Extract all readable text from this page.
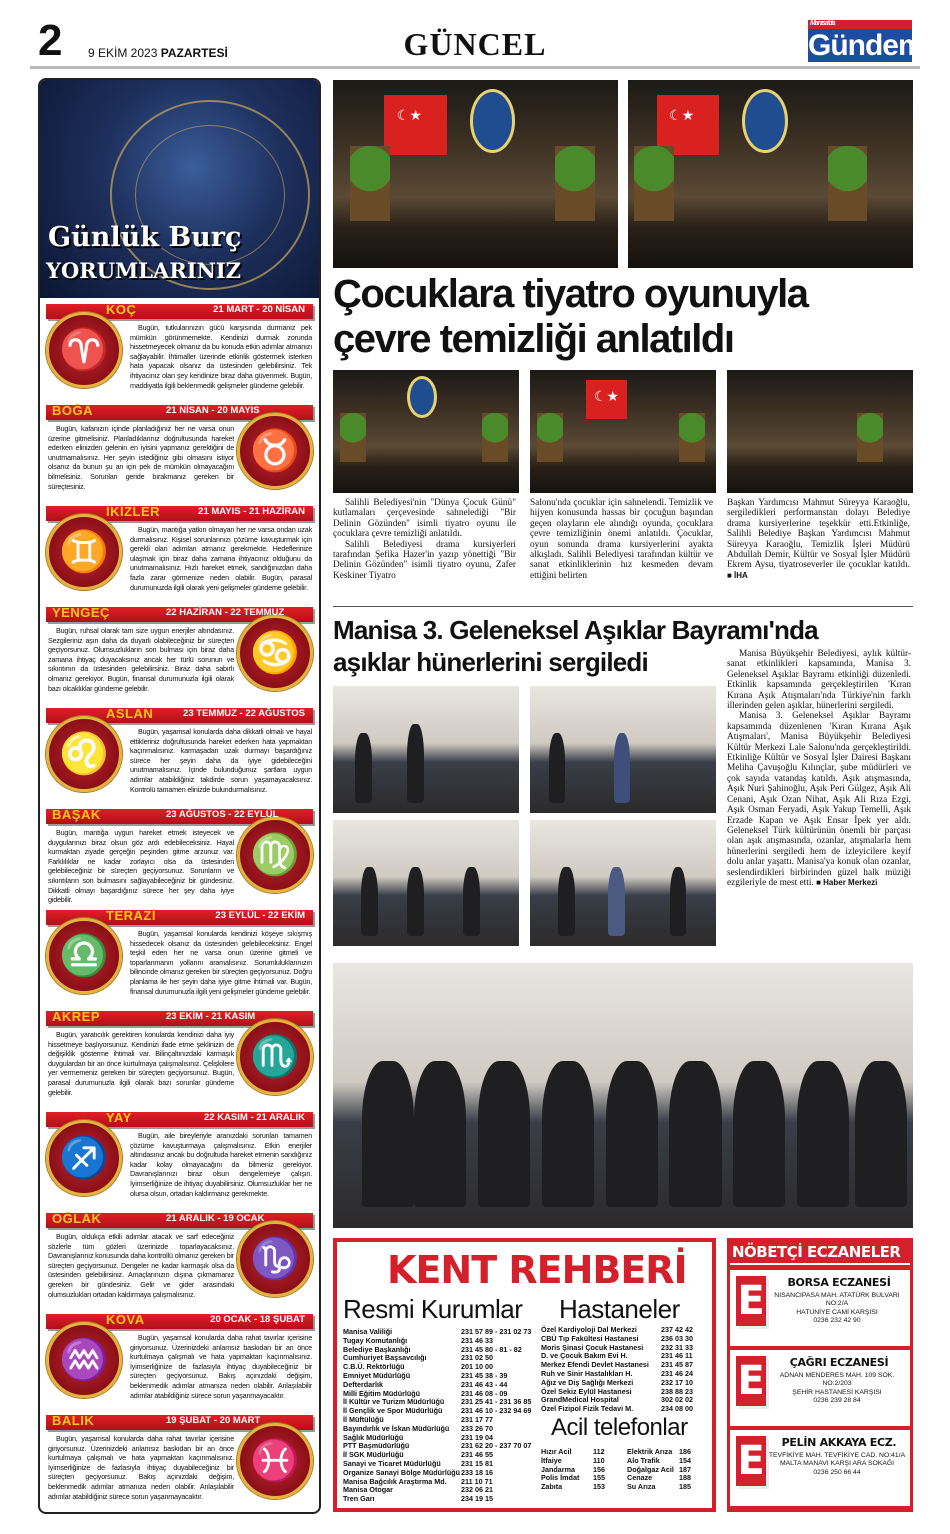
2 9 EKİM 2023 PAZARTESİ	GÜNCEL
Manisa'da
Gündem
Günlük Burç
YORUMLARINIZ
♈
KOÇ	21 MART - 20 NİSAN

Bugün, tutkularınızın gücü karşısında durmanız pek mümkün görünmemekte. Kendinizi durmak zorunda hissetmeyecek olmanız da bu konuda etkin adımlar atmanızı sağlayabilir. İhtimaller üzerinde etkinlik göstermek isterken hata yapacak olsanız da üstesinden gelebilirsiniz. Tek ihtiyacınız olan şey kendinize biraz daha güvenmek. Bugün, maddiyatla ilgili beklenmedik gelişmeler gündeme gelebilir.

♉
BOĞA	21 NİSAN - 20 MAYIS

Bugün, kafanızın içinde planladığınız her ne varsa onun üzerine gitmelisiniz. Planladıklarınız doğrultusunda hareket ederken elinizden gelenin en iyisini yapmanız gerektiğini de unutmamalısınız. Her şeyin istediğiniz gibi olmasını istiyor olsanız da bunun şu an için pek de mümkün olmayacağını bilmelisiniz. Sorunları geride bırakmanız gereken bir süreçtesiniz.

♊
İKİZLER	21 MAYIS - 21 HAZİRAN

Bugün, mantığa yatkın olmayan her ne varsa ondan uzak durmalısınız. Kişisel sorunlarınızı çözüme kavuşturmak için gerekli olan adımları atmanız gerekmekte. Hedeflerinize ulaşmak için biraz daha zamana ihtiyacınız olduğunu da unutmamalısınız. Hızlı hareket etmek, sandığınızdan daha fazla zarar görmenize neden olabilir. Bugün, parasal durumunuzda ilgili olarak yeni gelişmeler gündeme gelebilir.

♋
YENGEÇ	22 HAZİRAN - 22 TEMMUZ

Bugün, ruhsal olarak tam size uygun enerjiler altındasınız. Sezgileriniz aşırı daha da duyarlı olabileceğiniz bir süreçten geçiyorsunuz. Olumsuzlukların son bulması için biraz daha zamana ihtiyaç duyacaksınız ancak her türlü sorunun ve sıkıntının da üstesinden gelebilirsiniz. Biraz daha sabırlı olmanız gerekiyor. Bugün, finansal durumunuzla ilgili olarak bazı olcaklıklar gündeme gelebilir.

♌
ASLAN	23 TEMMUZ - 22 AĞUSTOS

Bugün, yaşamsal konularda daha dikkatli olmalı ve hayal ettikleriniz doğrultusunda hareket ederken hata yapmaktan kaçınmalısınız. karmaşadan uzak durmayı başardığınız sürece her şeyin daha da iyiye gidebileceğini unutmamalısınız. İçinde bulunduğunuz şartlara uygun adımlar atabildiğiniz takdirde sorun yaşamayacaksınız. Kontrolü tamamen elinizde bulundurmalısınız.

♍
BAŞAK	23 AĞUSTOS - 22 EYLÜL

Bugün, mantığa uygun hareket etmek isteyecek ve duygularınızı biraz olsun göz ardı edebileceksiniz. Hayal kurmaktan ziyade gerçeğin peşinden gitme arzunuz var. Farklılıklar ne kadar zorlayıcı olsa da üstesinden gelebileceğiniz bir süreçten geçiyorsunuz. Sorunların ve sıkıntıların son bulmasını sağlayabileceğiniz bir gündesiniz. Dikkatli olmayı başardığınız sürece her şey daha iyiye gidebilir.

♎
TERAZİ	23 EYLÜL - 22 EKİM

Bugün, yaşamsal konularda kendinizi köşeye sıkışmış hissedecek olsanız da üstesinden gelebileceksiniz. Engel teşkil eden her ne varsa onun üzerine gitmeli ve toparlanmanın yollarını aramalısınız. Sorumluluklarınızın bilincinde olmanız gereken bir süreçten geçiyorsunuz. Doğru planlama ile her şeyin daha iyiye gitme ihtimali var. Bugün, finansal durumunuzla ilgili yeni gelişmeler gündeme gelebilir.

♏
AKREP	23 EKİM - 21 KASIM

Bugün, yaratıcılık gerektiren konularda kendinizi daha iyiy hissetmeye başlıyorsunuz. Kendinizi ifade etme şeklinizin de değişiklik gösterme ihtimali var. Bilinçaltınızdaki karmaşık duygulardan bir an önce kurtulmaya çalışmalısınız. Çelişkilere yer vermemeniz gereken bir süreçten geçiyorsunuz. Bugün, parasal durumunuzla ilgili olarak bazı sorunlar gündeme gelebilir.

♐
YAY	22 KASIM - 21 ARALIK

Bugün, aile bireyleriyle aranızdaki sorunları tamamen çözüme kavuşturmaya çalışmalısınız. Etkin enerjiler altındasınız ancak bu doğrultuda hareket etmenin sandığınız kadar kolay olmayacağını da bilmeniz gerekiyor. Davranışlarınızı biraz olsun dengelemeye çalışın. İyimserliğinize de ihtiyaç duyabilirsiniz. Olumsuzluklar her ne olursa olsun, ortadan kaldırmanız gerekmekte.

♑
OĞLAK	21 ARALIK - 19 OCAK

Bugün, oldukça etkili adımlar atacak ve sarf edeceğiniz sözlerle tüm gözleri üzerinizde toparlayacaksınız. Davranışlarınız konusunda daha kontrollü olmanız gereken bir süreçten geçiyorsunuz. Dengeler ne kadar karmaşık olsa da üstesinden gelebilirsiniz. Amaçlarınızın dışına çıkmamanız gereken bir gündesiniz. Gelir ve gider arasındaki olumsuzlukları ortadan kaldırmaya çalışmalısınız.

♒
KOVA	20 OCAK - 18 ŞUBAT

Bugün, yaşamsal konularda daha rahat tavırlar içerisine giriyorsunuz. Üzerinizdeki anlamsız baskıdan bir an önce kurtulmaya çalışmalı ve hata yapmaktan kaçınmalısınız. İyimserliğinize de fazlasıyla ihtiyaç duyabileceğiniz bir süreçten geçiyorsunuz. Bakış açınızdaki değişim, beklenmedik adımlar atmanıza neden olabilir. Anlaşılabilir adımlar atabildiğiniz sürece sorun yaşanmayacaktır.

♓
BALIK	19 ŞUBAT - 20 MART

Bugün, yaşamsal konularda daha rahat tavırlar içerisine giriyorsunuz. Üzerinizdeki anlamsız baskıdan bir an önce kurtulmaya çalışmalı ve hata yapmaktan kaçınmalısınız. İyimserliğinize de fazlasıyla ihtiyaç duyabileceğiniz bir süreçten geçiyorsunuz. Bakış açınızdaki değişim, beklenmedik adımlar atmanıza neden olabilir. Anlaşılabilir adımlar atabildiğiniz sürece sorun yaşanmayacaktır.

☾★
☾★
Çocuklara tiyatro oyunuyla
çevre temizliği anlatıldı
☾★
Salihli Belediyesi'nin "Dünya Çocuk Günü" kutlamaları çerçevesinde sahnelediği "Bir Delinin Gözünden" isimli tiyatro oyunu ile çocuklara çevre temizliği anlatıldı.
Salihli Belediyesi drama kursiyerleri tarafından Şefika Hazer'in yazıp yönettiği "Bir Delinin Gözünden" isimli tiyatro oyunu, Zafer Keskiner Tiyatro
Salonu'nda çocuklar için sahnelendi. Temizlik ve hijyen konusunda hassas bir çocuğun başından geçen olayların ele alındığı oyunda, çocuklara çevre temizliğinin önemi anlatıldı. Çocuklar, oyun sonunda drama kursiyerlerini ayakta alkışladı. Salihli Belediyesi tarafından kültür ve sanat etkinliklerinin hız kesmeden devam ettiğini belirten
Başkan Yardımcısı Mahmut Süreyya Karaoğlu, sergiledikleri performanstan dolayı Belediye drama kursiyerlerine teşekkür etti.Etkinliğe, Salihli Belediye Başkan Yardımcısı Mahmut Süreyya Karaoğlu, Temizlik İşleri Müdürü Abdullah Demir, Kültür ve Sosyal İşler Müdürü Ekrem Aysu, tiyatroseverler ile çocuklar katıldı. ■ İHA
Manisa 3. Geleneksel Aşıklar Bayramı'nda
aşıklar hünerlerini sergiledi	Manisa Büyükşehir Belediyesi, aylık kültür-sanat etkinlikleri kapsamında, Manisa 3. Geleneksel Aşıklar Bayramı etkinliği düzenledi. Etkinlik kapsamında gerçekleştirilen 'Kıran Kırana Aşık Atışmaları'nda Türkiye'nin farklı illerinden gelen aşıklar, hünerlerini sergiledi.
Manisa 3. Geleneksel Aşıklar Bayramı kapsamında düzenlenen 'Kıran Kırana Aşık Atışmaları', Manisa Büyükşehir Belediyesi Kültür Merkezi Lale Salonu'nda gerçekleştirildi. Etkinliğe Kültür ve Sosyal İşler Dairesi Başkanı Meliha Çavuşoğlu Kılınçlar, şube müdürleri ve çok sayıda vatandaş katıldı. Aşık atışmasında, Aşık Nuri Şahinoğlu, Aşık Peri Gülgez, Aşık Ali Cenani, Aşık Ozan Nihat, Aşık Ali Rıza Ezgi, Aşık Osman Feryadi, Aşık Yakup Temelli, Aşık Erzade Kapan ve Aşık Ensar İpek yer aldı. Geleneksel Türk kültürünün önemli bir parçası olan aşık atışmasında, ozanlar, atışmalarla hem hünerlerini sergiledi hem de izleyicilere keyif dolu anlar yaşattı. Manisa'ya konuk olan ozanlar, seslendirdikleri birbirinden güzel halk müziği ezgileriyle de mest etti. ■ Haber Merkezi
KENT REHBERİ
Resmi Kurumlar
Manisa Valiliği	231 57 89 - 231 02 73
Tugay Komutanlığı	231 46 33
Belediye Başkanlığı	231 45 80 - 81 - 82
Cumhuriyet Başsavcılığı	231 02 50
C.B.Ü. Rektörlüğü	201 10 00
Emniyet Müdürlüğü	231 45 38 - 39
Defterdarlık	231 46 43 - 44
Milli Eğitim Müdürlüğü	231 46 08 - 09
İl Kültür ve Turizm Müdürlüğü	231 25 41 - 231 36 85
İl Gençlik ve Spor Müdürlüğü	231 46 10 - 232 94 69
İl Müftülüğü	231 17 77
Bayındırlık ve İskan Müdürlüğü	233 26 70
Sağlık Müdürlüğü	231 19 04
PTT Başmüdürlüğü	231 62 20 - 237 70 07
İl SGK Müdürlüğü	231 46 55
Sanayi ve Ticaret Müdürlüğü	231 15 81
Organize Sanayi Bölge Müdürlüğü 233 18 16
Manisa Bağcılık Araştırma Md.	211 10 71
Manisa Otogar	232 06 21
Tren Garı	234 19 15
Hastaneler
Özel Kardiyoloji Dal Merkezi	237 42 42
CBÜ Tıp Fakültesi Hastanesi	236 03 30
Moris Şinasi Çocuk Hastanesi	232 31 33
D. ve Çocuk Bakım Evi H.	231 46 11
Merkez Efendi Devlet Hastanesi	231 45 87
Ruh ve Sinir Hastalıkları H.	231 46 24
Ağız ve Diş Sağlığı Merkezi	232 17 10
Özel Sekiz Eylül Hastanesi	238 88 23
GrandMedical Hospital	302 02 02
Özel Fizipol Fizik Tedavi M.	234 08 00
Acil telefonlar
Hızır Acil	112
İtfaiye	110
Jandarma	156
Polis İmdat	155
Zabıta	153
Elektrik Arıza 186
Alo Trafik	154
Doğalgaz Acil 187
Cenaze	188
Su Arıza	185
NÖBETÇİ ECZANELER
E	BORSA ECZANESİ
NISANCIPASA MAH. ATATÜRK BULVARI NO:2/A
HATUNİYE CAMİ KARŞISI
0236 232 42 90
E	ÇAĞRI ECZANESİ
ADNAN MENDERES MAH. 109 SOK. NO:2/203
ŞEHİR HASTANESİ KARŞISI
0236 239 28 84
E	PELİN AKKAYA ECZ.
TEVFİKİYE MAH. TEVFİKİYE CAD. NO:41/A
MALTA MANAVI KARŞI ARA SOKAĞI
0236 250 66 44
